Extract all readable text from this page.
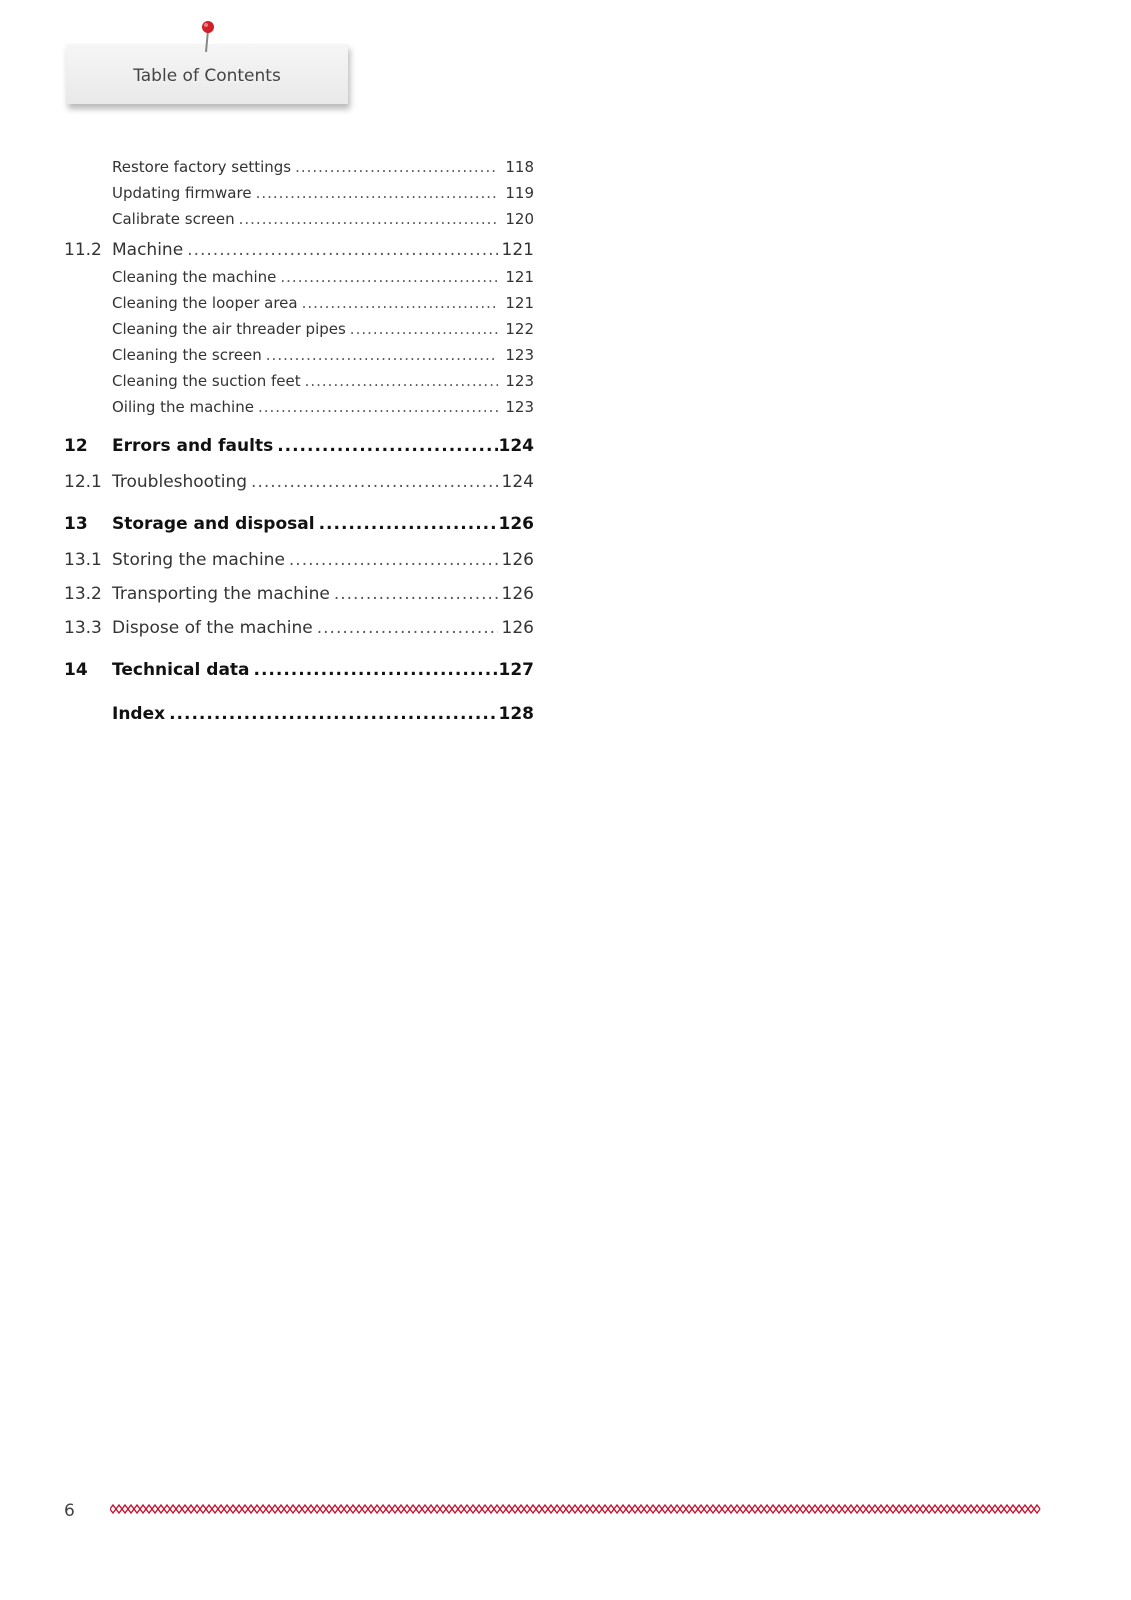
Table of Contents
Restore factory settings .....	118
Updating firmware .....	119
Calibrate screen .....	120
11.2 Machine .....	121
Cleaning the machine .....	121
Cleaning the looper area .....	121
Cleaning the air threader pipes .....	122
Cleaning the screen .....	123
Cleaning the suction feet .....	123
Oiling the machine .....	123
12	Errors and faults .....	124
12.1 Troubleshooting .....	124
13	Storage and disposal .....	126
13.1 Storing the machine .....	126
13.2 Transporting the machine .....	126
13.3 Dispose of the machine .....	126
14	Technical data .....	127
Index .....	128
6
